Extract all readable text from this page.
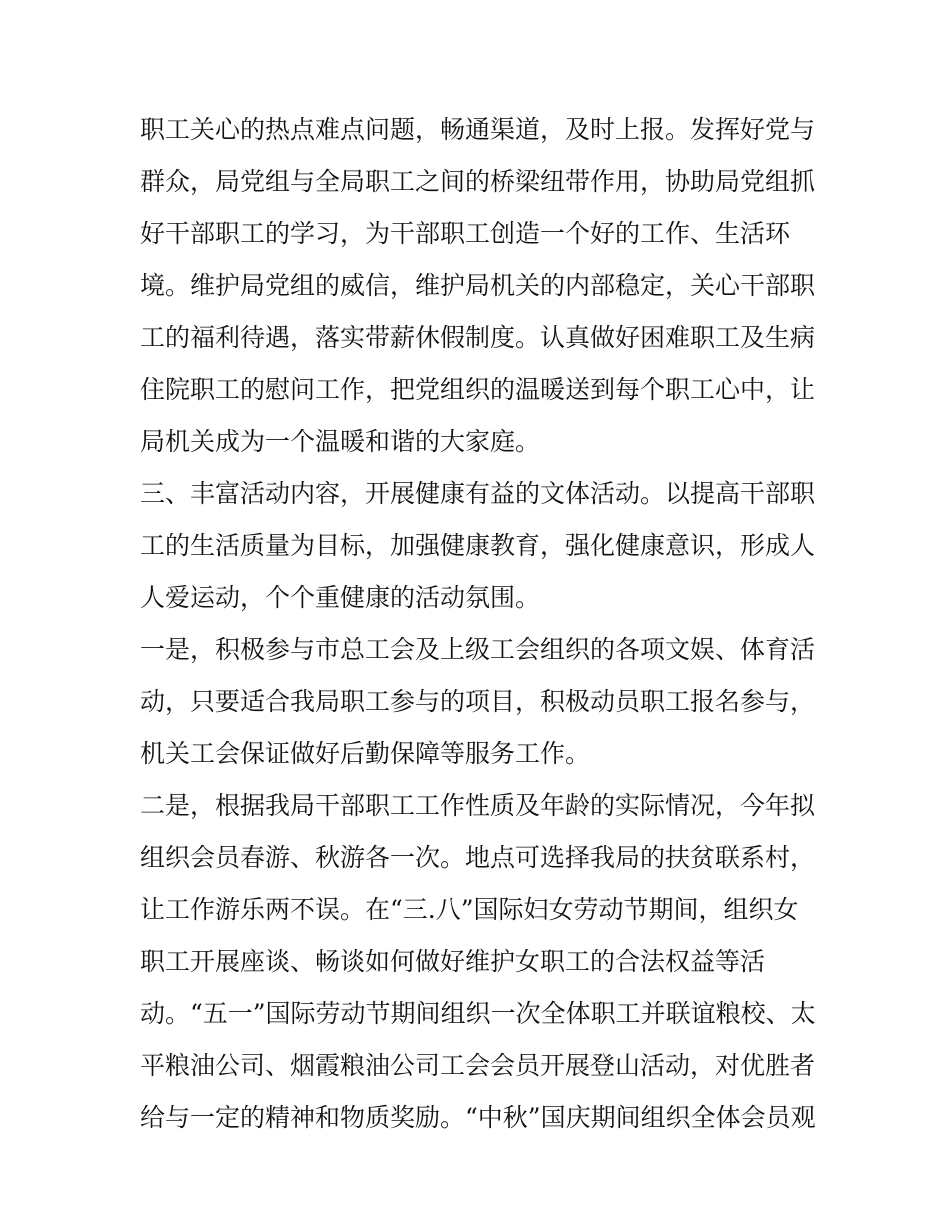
职工关心的热点难点问题，畅通渠道，及时上报。发挥好党与
群众，局党组与全局职工之间的桥梁纽带作用，协助局党组抓
好干部职工的学习，为干部职工创造一个好的工作、生活环
境。维护局党组的威信，维护局机关的内部稳定，关心干部职
工的福利待遇，落实带薪休假制度。认真做好困难职工及生病
住院职工的慰问工作，把党组织的温暖送到每个职工心中，让
局机关成为一个温暖和谐的大家庭。
三、丰富活动内容，开展健康有益的文体活动。以提高干部职
工的生活质量为目标，加强健康教育，强化健康意识，形成人
人爱运动，个个重健康的活动氛围。
一是，积极参与市总工会及上级工会组织的各项文娱、体育活
动，只要适合我局职工参与的项目，积极动员职工报名参与，
机关工会保证做好后勤保障等服务工作。
二是，根据我局干部职工工作性质及年龄的实际情况，今年拟
组织会员春游、秋游各一次。地点可选择我局的扶贫联系村，
让工作游乐两不误。在“三.八”国际妇女劳动节期间，组织女
职工开展座谈、畅谈如何做好维护女职工的合法权益等活
动。“五一”国际劳动节期间组织一次全体职工并联谊粮校、太
平粮油公司、烟霞粮油公司工会会员开展登山活动，对优胜者
给与一定的精神和物质奖励。“中秋”国庆期间组织全体会员观
